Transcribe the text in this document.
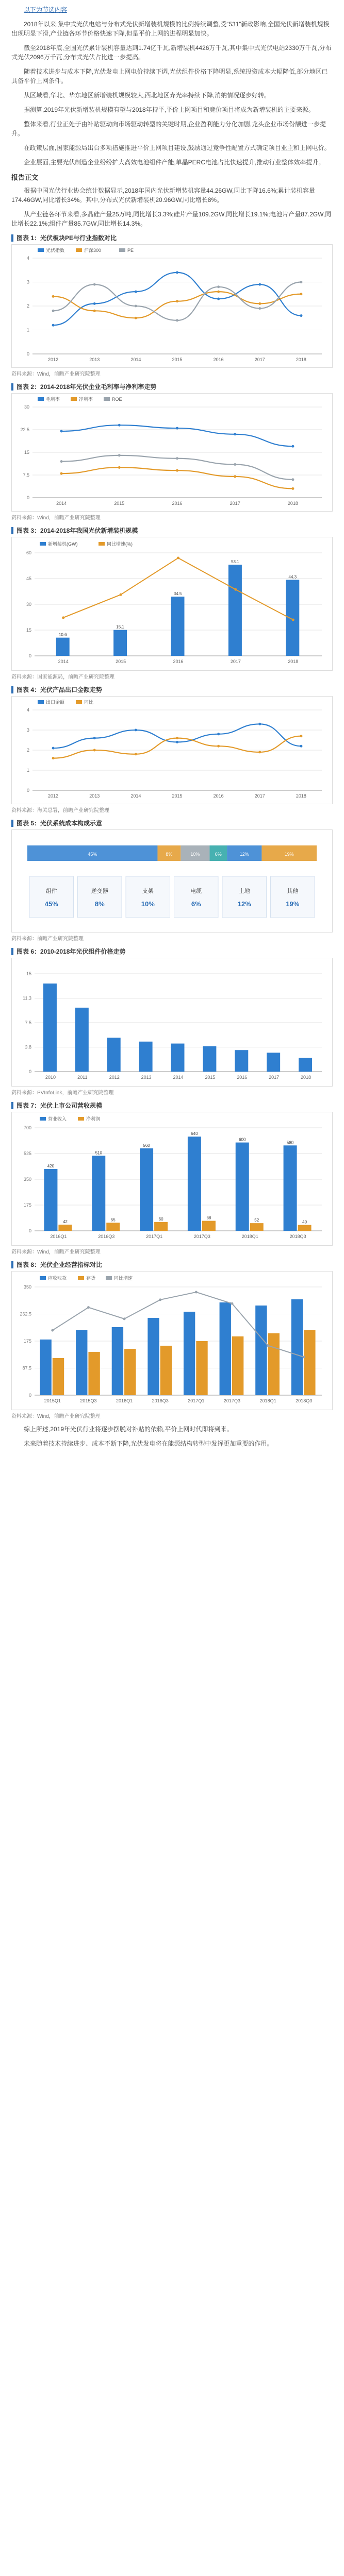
以下为节选内容

2018年以来,集中式光伏电站与分布式光伏新增装机规模的比例持续调整,受“531”新政影响,全国光伏新增装机规模出现明显下滑,产业链各环节价格快速下降,但是平价上网的进程明显加快。

截至2018年底,全国光伏累计装机容量达到1.74亿千瓦,新增装机4426万千瓦,其中集中式光伏电站2330万千瓦,分布式光伏2096万千瓦,分布式光伏占比进一步提高。

随着技术进步与成本下降,光伏发电上网电价持续下调,光伏组件价格下降明显,系统投资成本大幅降低,部分地区已具备平价上网条件。

从区域看,华北、华东地区新增装机规模较大,西北地区弃光率持续下降,消纳情况逐步好转。

据测算,2019年光伏新增装机规模有望与2018年持平,平价上网项目和竞价项目将成为新增装机的主要来源。

整体来看,行业正处于由补贴驱动向市场驱动转型的关键时期,企业盈利能力分化加剧,龙头企业市场份额进一步提升。

在政策层面,国家能源局出台多项措施推进平价上网项目建设,鼓励通过竞争性配置方式确定项目业主和上网电价。

企业层面,主要光伏制造企业纷纷扩大高效电池组件产能,单晶PERC电池占比快速提升,推动行业整体效率提升。

报告正文

根据中国光伏行业协会统计数据显示,2018年国内光伏新增装机容量44.26GW,同比下降16.6%;累计装机容量174.46GW,同比增长34%。其中,分布式光伏新增装机20.96GW,同比增长8%。

从产业链各环节来看,多晶硅产量25万吨,同比增长3.3%;硅片产量109.2GW,同比增长19.1%;电池片产量87.2GW,同比增长22.1%;组件产量85.7GW,同比增长14.3%。

图表 1：光伏板块PE与行业指数对比
0
1
2
3
4
2012	2013	2014	2015	2016	2017	2018
光伏指数	沪深300	PE
资料来源：Wind，前瞻产业研究院整理
图表 2：2014-2018年光伏企业毛利率与净利率走势
0
7.5
15
22.5
30
2014	2015	2016	2017	2018
毛利率	净利率	ROE
资料来源：Wind，前瞻产业研究院整理
图表 3：2014-2018年我国光伏新增装机规模
0
15
30
45
60
2014	2015	2016	2017	2018
10.6
15.1
34.5
53.1
44.3
新增装机(GW)	同比增速(%)
资料来源：国家能源局，前瞻产业研究院整理
图表 4：光伏产品出口金额走势
0
1
2
3
4
2012	2013	2014	2015	2016	2017	2018
出口金额	同比
资料来源：海关总署，前瞻产业研究院整理
图表 5：光伏系统成本构成示意
45%	8%	10%	6%	12%	19%
组件
45%
逆变器
8%
支架
10%
电缆
6%
土地
12%
其他
19%
资料来源：前瞻产业研究院整理
图表 6：2010-2018年光伏组件价格走势
0
3.8
7.5
11.3
15
2010	2011	2012	2013	2014	2015	2016	2017	2018
资料来源：PVInfoLink，前瞻产业研究院整理
图表 7：光伏上市公司营收规模
0
175
350
525
700
2016Q1	2016Q3	2017Q1	2017Q3	2018Q1	2018Q3
420
510
560
640
600
580
42	55	60	68
52	40
营业收入	净利润
资料来源：Wind，前瞻产业研究院整理
图表 8：光伏企业经营指标对比
0
87.5
175
262.5
350
2015Q1	2015Q3	2016Q1	2016Q3	2017Q1	2017Q3	2018Q1	2018Q3
应收账款	存货	同比增速
资料来源：Wind，前瞻产业研究院整理

综上所述,2019年光伏行业将逐步摆脱对补贴的依赖,平价上网时代即将到来。

未来随着技术持续进步、成本不断下降,光伏发电将在能源结构转型中发挥更加重要的作用。
